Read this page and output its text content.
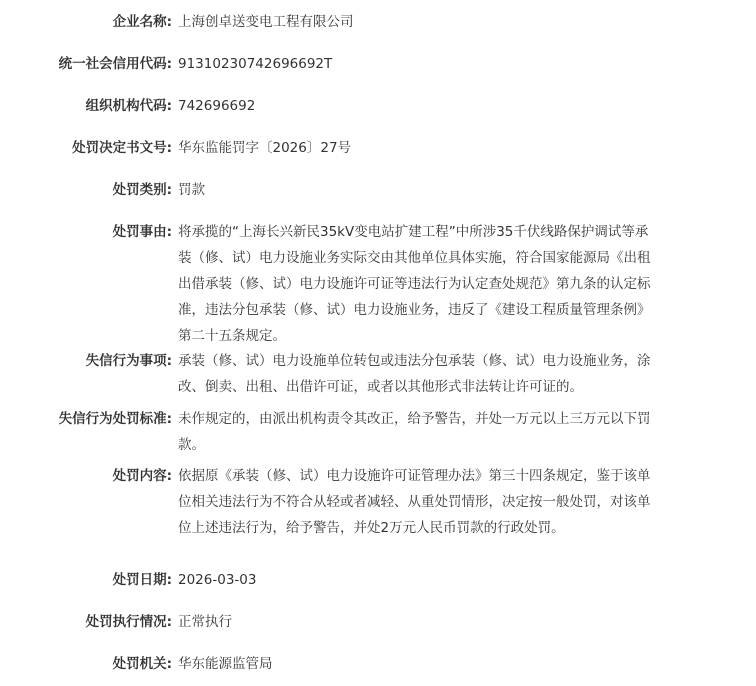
企业名称: 上海创卓送变电工程有限公司
统一社会信用代码: 91310230742696692T
组织机构代码: 742696692
处罚决定书文号: 华东监能罚字〔2026〕27号
处罚类别: 罚款
处罚事由: 将承揽的“上海长兴新民35kV变电站扩建工程”中所涉35千伏线路保护调试等承装（修、试）电力设施业务实际交由其他单位具体实施，符合国家能源局《出租出借承装（修、试）电力设施许可证等违法行为认定查处规范》第九条的认定标准，违法分包承装（修、试）电力设施业务，违反了《建设工程质量管理条例》第二十五条规定。
失信行为事项: 承装（修、试）电力设施单位转包或违法分包承装（修、试）电力设施业务，涂改、倒卖、出租、出借许可证，或者以其他形式非法转让许可证的。
失信行为处罚标准: 未作规定的，由派出机构责令其改正，给予警告，并处一万元以上三万元以下罚款。
处罚内容: 依据原《承装（修、试）电力设施许可证管理办法》第三十四条规定，鉴于该单位相关违法行为不符合从轻或者减轻、从重处罚情形，决定按一般处罚，对该单位上述违法行为，给予警告，并处2万元人民币罚款的行政处罚。
处罚日期: 2026-03-03
处罚执行情况: 正常执行
处罚机关: 华东能源监管局
